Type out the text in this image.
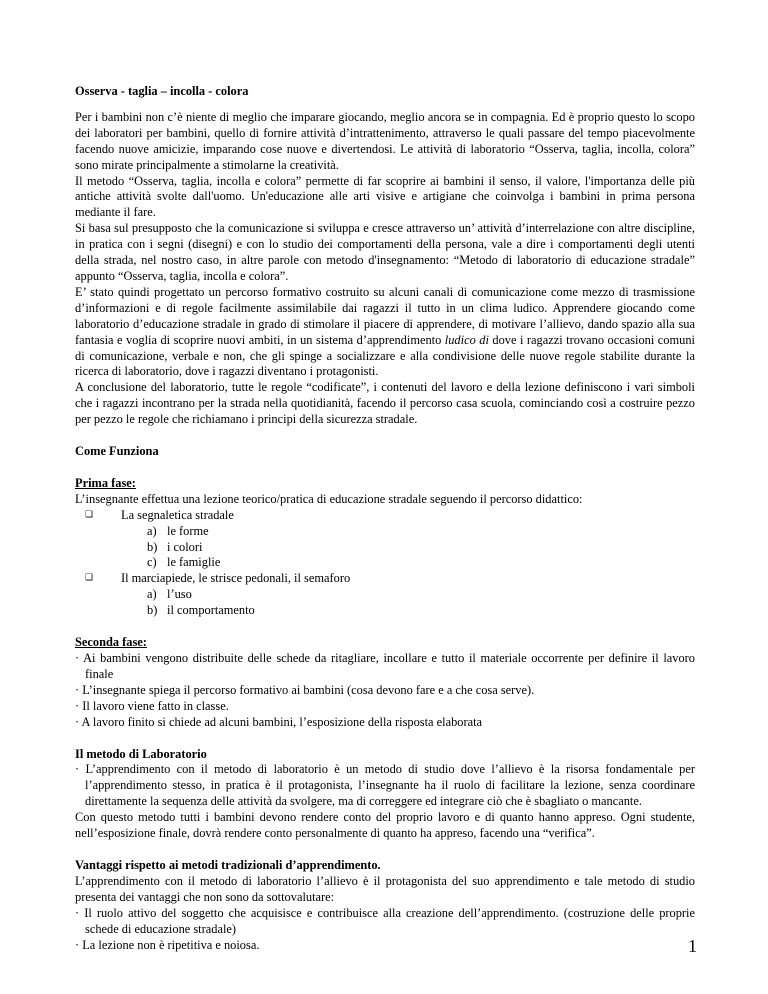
Osserva - taglia – incolla - colora

Per i bambini non c’è niente di meglio che imparare giocando, meglio ancora se in compagnia. Ed è proprio questo lo scopo dei laboratori per bambini, quello di fornire attività d’intrattenimento, attraverso le quali passare del tempo piacevolmente facendo nuove amicizie, imparando cose nuove e divertendosi. Le attività di laboratorio “Osserva, taglia, incolla, colora” sono mirate principalmente a stimolarne la creatività.

Il metodo “Osserva, taglia, incolla e colora” permette di far scoprire ai bambini il senso, il valore, l'importanza delle più antiche attività svolte dall'uomo. Un'educazione alle arti visive e artigiane che coinvolga i bambini in prima persona mediante il fare.

Si basa sul presupposto che la comunicazione si sviluppa e cresce attraverso un’ attività d’interrelazione con altre discipline, in pratica con i segni (disegni) e con lo studio dei comportamenti della persona, vale a dire i comportamenti degli utenti della strada, nel nostro caso, in altre parole con metodo d'insegnamento: “Metodo di laboratorio di educazione stradale” appunto “Osserva, taglia, incolla e colora”.

E’ stato quindi progettato un percorso formativo costruito su alcuni canali di comunicazione come mezzo di trasmissione d’informazioni e di regole facilmente assimilabile dai ragazzi il tutto in un clima ludico. Apprendere giocando come laboratorio d’educazione stradale in grado di stimolare il piacere di apprendere, di motivare l’allievo, dando spazio alla sua fantasia e voglia di scoprire nuovi ambiti, in un sistema d’apprendimento ludico di dove i ragazzi trovano occasioni comuni di comunicazione, verbale e non, che gli spinge a socializzare e alla condivisione delle nuove regole stabilite durante la ricerca di laboratorio, dove i ragazzi diventano i protagonisti.

A conclusione del laboratorio, tutte le regole “codificate”, i contenuti del lavoro e della lezione definiscono i vari simboli che i ragazzi incontrano per la strada nella quotidianità, facendo il percorso casa scuola, cominciando così a costruire pezzo per pezzo le regole che richiamano i principi della sicurezza stradale.

Come Funziona

Prima fase:

L’insegnante effettua una lezione teorico/pratica di educazione stradale seguendo il percorso didattico:

❏	La segnaletica stradale
a) le forme
b) i colori
c) le famiglie
❏	Il marciapiede, le strisce pedonali, il semaforo
a) l’uso
b) il comportamento

Seconda fase:

· Ai bambini vengono distribuite delle schede da ritagliare, incollare e tutto il materiale occorrente per definire il lavoro finale

· L’insegnante spiega il percorso formativo ai bambini (cosa devono fare e a che cosa serve).

· Il lavoro viene fatto in classe.

· A lavoro finito si chiede ad alcuni bambini, l’esposizione della risposta elaborata

Il metodo di Laboratorio

· L’apprendimento con il metodo di laboratorio è un metodo di studio dove l’allievo è la risorsa fondamentale per l’apprendimento stesso, in pratica è il protagonista, l’insegnante ha il ruolo di facilitare la lezione, senza coordinare direttamente la sequenza delle attività da svolgere, ma di correggere ed integrare ciò che è sbagliato o mancante.

Con questo metodo tutti i bambini devono rendere conto del proprio lavoro e di quanto hanno appreso. Ogni studente, nell’esposizione finale, dovrà rendere conto personalmente di quanto ha appreso, facendo una “verifica”.

Vantaggi rispetto ai metodi tradizionali d’apprendimento.

L’apprendimento con il metodo di laboratorio l’allievo è il protagonista del suo apprendimento e tale metodo di studio presenta dei vantaggi che non sono da sottovalutare:

· Il ruolo attivo del soggetto che acquisisce e contribuisce alla creazione dell’apprendimento. (costruzione delle proprie schede di educazione stradale)

· La lezione non è ripetitiva e noiosa.	1
